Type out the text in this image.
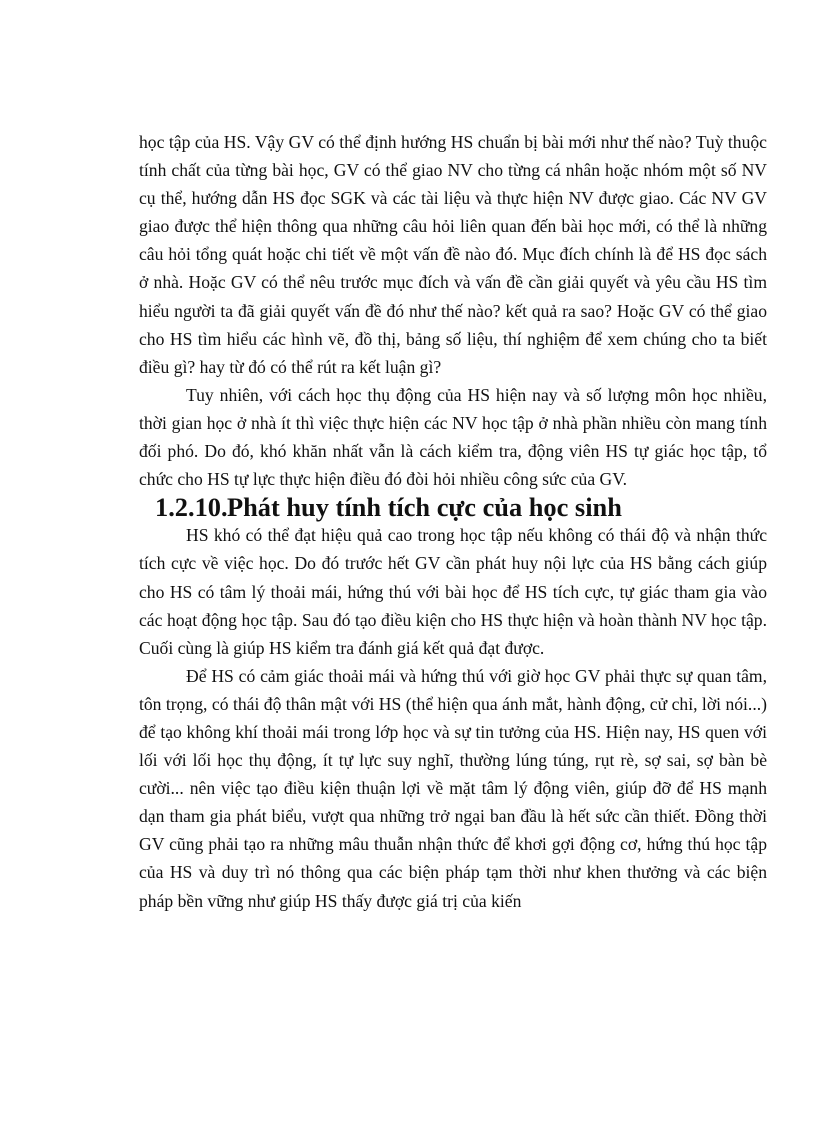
học tập của HS. Vậy GV có thể định hướng HS chuẩn bị bài mới như thế nào? Tuỳ thuộc tính chất của từng bài học, GV có thể giao NV cho từng cá nhân hoặc nhóm một số NV cụ thể, hướng dẫn HS đọc SGK và các tài liệu và thực hiện NV được giao. Các NV GV giao được thể hiện thông qua những câu hỏi liên quan đến bài học mới, có thể là những câu hỏi tổng quát hoặc chi tiết về một vấn đề nào đó. Mục đích chính là để HS đọc sách ở nhà. Hoặc GV có thể nêu trước mục đích và vấn đề cần giải quyết và yêu cầu HS tìm hiểu người ta đã giải quyết vấn đề đó như thế nào? kết quả ra sao? Hoặc GV có thể giao cho HS tìm hiểu các hình vẽ, đồ thị, bảng số liệu, thí nghiệm để xem chúng cho ta biết điều gì? hay từ đó có thể rút ra kết luận gì?

Tuy nhiên, với cách học thụ động của HS hiện nay và số lượng môn học nhiều, thời gian học ở nhà ít thì việc thực hiện các NV học tập ở nhà phần nhiều còn mang tính đối phó. Do đó, khó khăn nhất vẫn là cách kiểm tra, động viên HS tự giác học tập, tổ chức cho HS tự lực thực hiện điều đó đòi hỏi nhiều công sức của GV.

1.2.10.Phát huy tính tích cực của học sinh

HS khó có thể đạt hiệu quả cao trong học tập nếu không có thái độ và nhận thức tích cực về việc học. Do đó trước hết GV cần phát huy nội lực của HS bằng cách giúp cho HS có tâm lý thoải mái, hứng thú với bài học để HS tích cực, tự giác tham gia vào các hoạt động học tập. Sau đó tạo điều kiện cho HS thực hiện và hoàn thành NV học tập. Cuối cùng là giúp HS kiểm tra đánh giá kết quả đạt được.

Để HS có cảm giác thoải mái và hứng thú với giờ học GV phải thực sự quan tâm, tôn trọng, có thái độ thân mật với HS (thể hiện qua ánh mắt, hành động, cử chỉ, lời nói...) để tạo không khí thoải mái trong lớp học và sự tin tưởng của HS. Hiện nay, HS quen với lối với lối học thụ động, ít tự lực suy nghĩ, thường lúng túng, rụt rè, sợ sai, sợ bàn bè cười... nên việc tạo điều kiện thuận lợi về mặt tâm lý động viên, giúp đỡ để HS mạnh dạn tham gia phát biểu, vượt qua những trở ngại ban đầu là hết sức cần thiết. Đồng thời GV cũng phải tạo ra những mâu thuẫn nhận thức để khơi gợi động cơ, hứng thú học tập của HS và duy trì nó thông qua các biện pháp tạm thời như khen thưởng và các biện pháp bền vững như giúp HS thấy được giá trị của kiến
